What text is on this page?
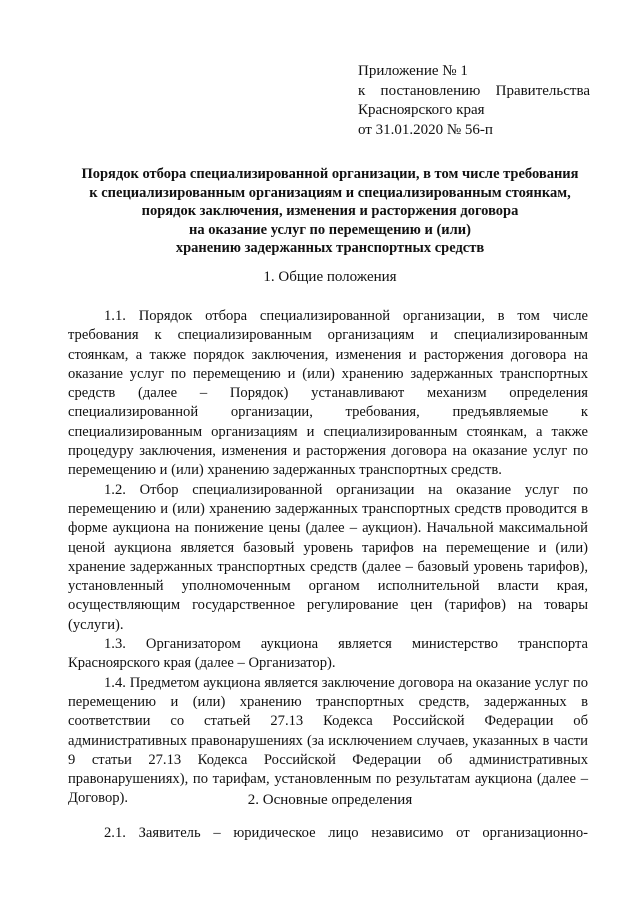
Приложение № 1
к постановлению Правительства
Красноярского края
от 31.01.2020 № 56-п
Порядок отбора специализированной организации, в том числе требования
к специализированным организациям и специализированным стоянкам,
порядок заключения, изменения и расторжения договора
на оказание услуг по перемещению и (или)
хранению задержанных транспортных средств
1. Общие положения

1.1. Порядок отбора специализированной организации, в том числе требования к специализированным организациям и специализированным стоянкам, а также порядок заключения, изменения и расторжения договора на оказание услуг по перемещению и (или) хранению задержанных транспортных средств (далее – Порядок) устанавливают механизм определения специализированной организации, требования, предъявляемые к специализированным организациям и специализированным стоянкам, а также процедуру заключения, изменения и расторжения договора на оказание услуг по перемещению и (или) хранению задержанных транспортных средств.

1.2. Отбор специализированной организации на оказание услуг по перемещению и (или) хранению задержанных транспортных средств проводится в форме аукциона на понижение цены (далее – аукцион). Начальной максимальной ценой аукциона является базовый уровень тарифов на перемещение и (или) хранение задержанных транспортных средств (далее – базовый уровень тарифов), установленный уполномоченным органом исполнительной власти края, осуществляющим государственное регулирование цен (тарифов) на товары (услуги).

1.3. Организатором аукциона является министерство транспорта Красноярского края (далее – Организатор).

1.4. Предметом аукциона является заключение договора на оказание услуг по перемещению и (или) хранению транспортных средств, задержанных в соответствии со статьей 27.13 Кодекса Российской Федерации об административных правонарушениях (за исключением случаев, указанных в части 9 статьи 27.13 Кодекса Российской Федерации об административных правонарушениях), по тарифам, установленным по результатам аукциона (далее – Договор).	2. Основные определения

2.1. Заявитель – юридическое лицо независимо от организационно-
